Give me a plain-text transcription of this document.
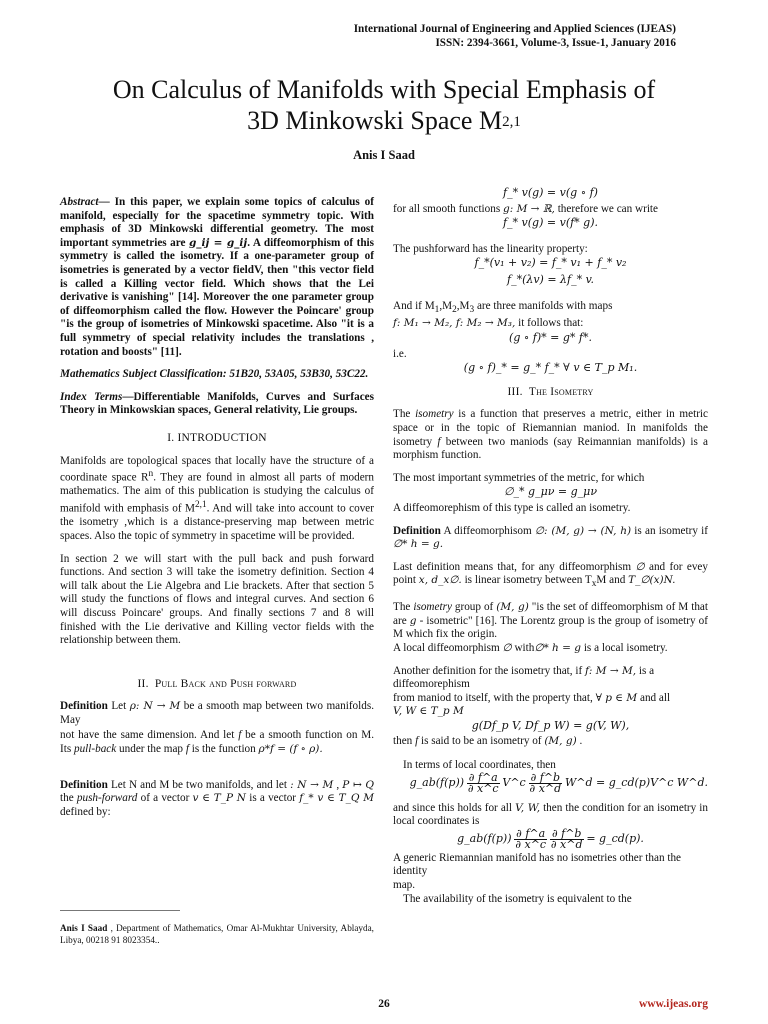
International Journal of Engineering and Applied Sciences (IJEAS)
ISSN: 2394-3661, Volume-3, Issue-1, January 2016
On Calculus of Manifolds with Special Emphasis of
3D Minkowski Space M$^{2,1}$
Anis I Saad

Abstract— In this paper, we explain some topics of calculus of manifold, especially for the spacetime symmetry topic. With emphasis of 3D Minkowski differential geometry. The most important symmetries are g_ij = g_ij. A diffeomorphism of this symmetry is called the isometry. If a one-parameter group of isometries is generated by a vector fieldV, then "this vector field is called a Killing vector field. Which shows that the Lei derivative is vanishing" [14]. Moreover the one parameter group of diffeomorphism called the flow. However the Poincare' group "is the group of isometries of Minkowski spacetime. Also "it is a full symmetry of special relativity includes the translations , rotation and boosts" [11].

Mathematics Subject Classification: 51B20, 53A05, 53B30, 53C22.

Index Terms—Differentiable Manifolds, Curves and Surfaces Theory in Minkowskian spaces, General relativity, Lie groups.

I. INTRODUCTION

Manifolds are topological spaces that locally have the structure of a coordinate space $R^n$. They are found in almost all parts of modern mathematics. The aim of this publication is studying the calculus of manifold with emphasis of M$^{2,1}$. And will take into account to cover the isometry ,which is a distance-preserving map between metric spaces. Also the topic of symmetry in spacetime will be provided.

In section 2 we will start with the pull back and push forward functions. And section 3 will take the isometry definition. Section 4 will talk about the Lie Algebra and Lie brackets. After that section 5 will study the functions of flows and integral curves. And section 6 will discuss Poincare' groups. And finally sections 7 and 8 will finished with the Lie derivative and Killing vector fields with the relationship between them.

II. Pull Back and Push forward

Definition Let ρ: N → M be a smooth map between two manifolds. May

not have the same dimension. And let f be a smooth function on M. Its pull-back under the map f is the function ρ*f = (f ∘ ρ).

Definition Let N and M be two manifolds, and let : N → M , P ↦ Q the push-forward of a vector v ∈ T_P N is a vector f_* v ∈ T_Q M defined by:

Anis I Saad , Department of Mathematics, Omar Al-Mukhtar University, Ablayda, Libya, 00218 91 8023354..
f_* v(g) = v(g ∘ f)
for all smooth functions g: M → ℝ, therefore we can write
f_* v(g) = v(f* g).
The pushforward has the linearity property:
f_*(v₁ + v₂) = f_* v₁ + f_* v₂
f_*(λv) = λf_* v.
And if $M_1,M_2,M_3$ are three manifolds with maps
f: M₁ → M₂, f: M₂ → M₃, it follows that:
(g ∘ f)* = g* f*.
i.e.
(g ∘ f)_* = g_* f_* ∀ v ∈ T_p M₁.
III. The Isometry

The isometry is a function that preserves a metric, either in metric space or in the topic of Riemannian maniod. In manifolds the isometry f between two maniods (say Reimannian manifolds) is a morphism function.

The most important symmetries of the metric, for which
∅_* g_μν = g_μν

A diffeomorephism of this type is called an isometry.

Definition A diffeomorphisom ∅: (M, g) → (N, h) is an isometry if ∅* h = g.

Last definition means that, for any diffeomorphism ∅ and for evey point x, d_x∅. is linear isometry between $T_xM$ and T_∅(x)N.

The isometry group of (M, g) "is the set of diffeomorphism of M that are g - isometric" [16]. The Lorentz group is the group of isometry of M which fix the origin.

A local diffeomorphism ∅ with∅* h = g is a local isometry.

Another definition for the isometry that, if f: M → M, is a diffeomorephism
from maniod to itself, with the property that, ∀ p ∈ M and all
V, W ∈ T_p M
g(Df_p V, Df_p W) = g(V, W),

then f is said to be an isometry of (M, g) .

In terms of local coordinates, then
g_ab(f(p)) $\frac{\partial f\^{}a}{\partial x\^{}c}$ V^c $\frac{\partial f\^{}b}{\partial x\^{}d}$ W^d = g_cd(p)V^c W^d.
and since this holds for all V, W, then the condition for an isometry in local coordinates is
g_ab(f(p)) $\frac{\partial f\^{}a}{\partial x\^{}c}$
$\frac{\partial f\^{}b}{\partial x\^{}d}$ = g_cd(p).
A generic Riemannian manifold has no isometries other than the identity
map.
The availability of the isometry is equivalent to the
26	www.ijeas.org
